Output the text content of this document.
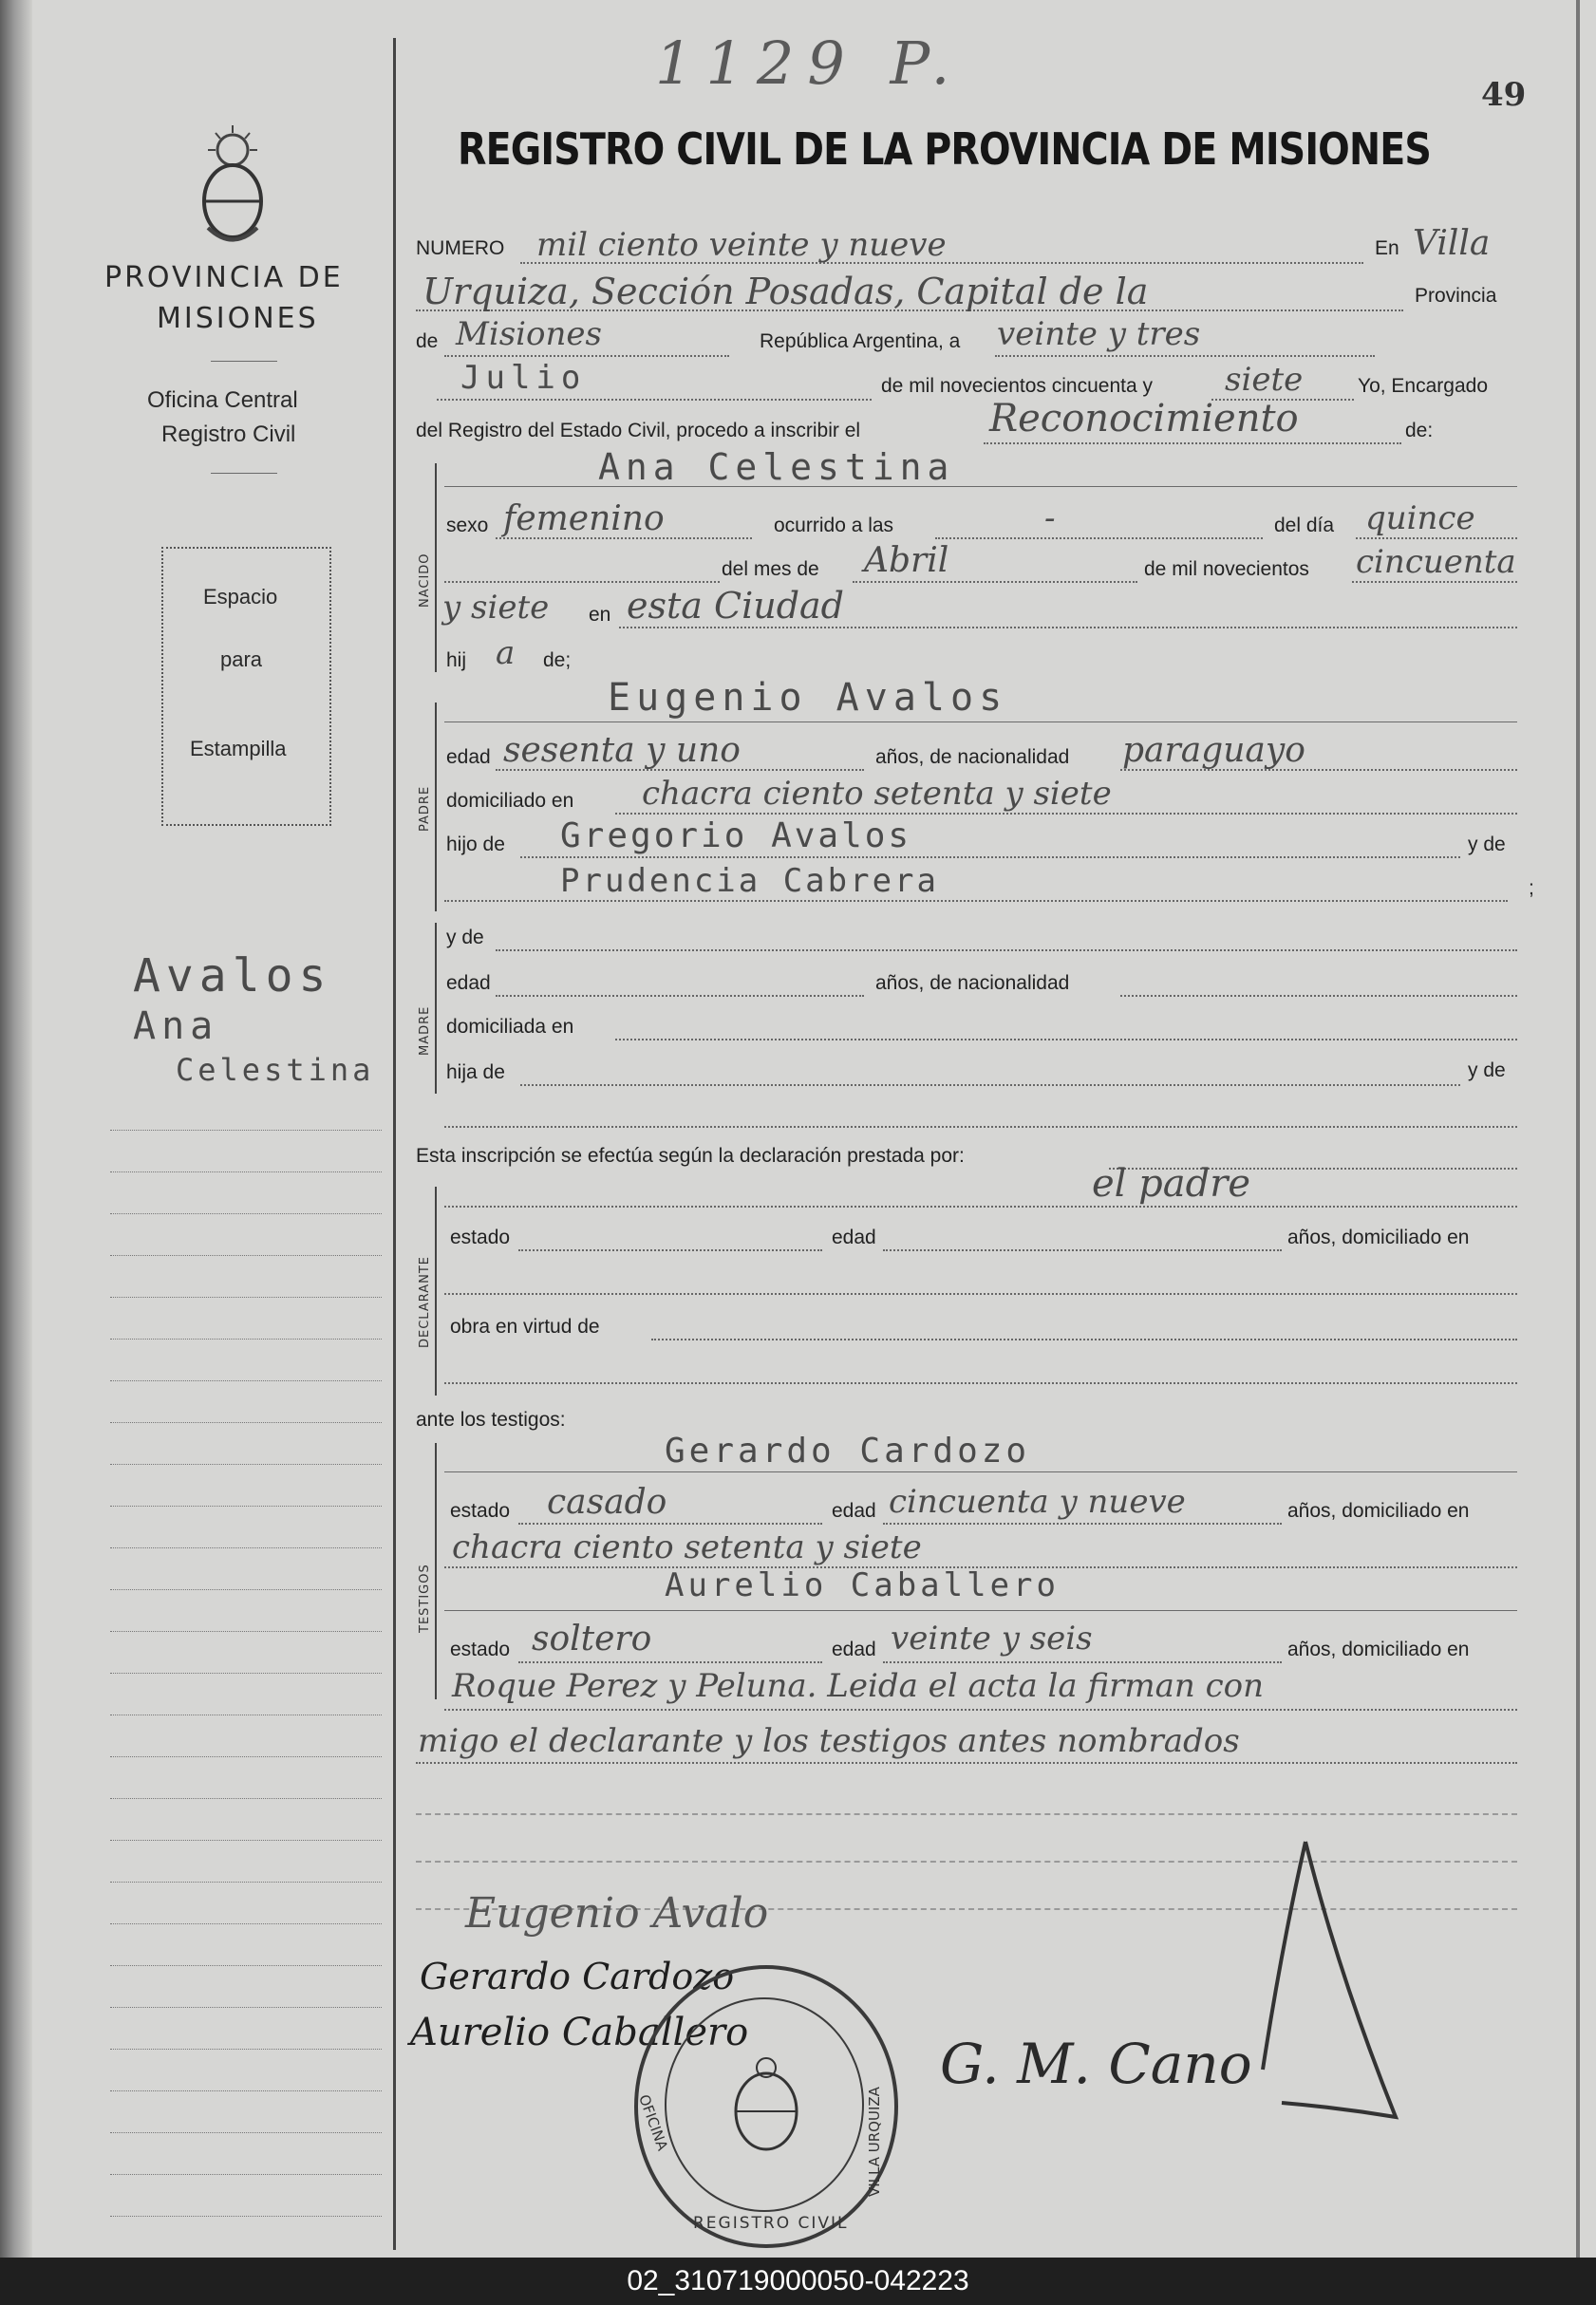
PROVINCIA DE
MISIONES
Oficina Central
Registro Civil
Espacio
para
Estampilla
Avalos
Ana
Celestina
1129 P.	49
REGISTRO CIVIL DE LA PROVINCIA DE MISIONES
NUMERO mil ciento veinte y nueve	En Villa
Urquiza, Sección Posadas, Capital de la	Provincia
de Misiones	República Argentina, a veinte y tres
Julio	de mil novecientos cincuenta y siete	Yo, Encargado
del Registro del Estado Civil, procedo a inscribir el	Reconocimiento	de:
NACIDO
Ana Celestina
sexo femenino	ocurrido a las	-	del día quince
del mes de Abril	de mil novecientos cincuenta
y siete en esta Ciudad
hij a de;
PADRE
Eugenio Avalos
edad sesenta y uno	años, de nacionalidad paraguayo
domiciliado en chacra ciento setenta y siete
hijo de Gregorio Avalos	y de
Prudencia Cabrera	;
MADRE
y de
edad	años, de nacionalidad
domiciliada en
hija de	y de
Esta inscripción se efectúa según la declaración prestada por:
el padre
DECLARANTE
estado	edad	años, domiciliado en
obra en virtud de
ante los testigos:
TESTIGOS
Gerardo Cardozo
estado casado	edad cincuenta y nueve	años, domiciliado en
chacra ciento setenta y siete
Aurelio Caballero
estado soltero	edad veinte y seis	años, domiciliado en
Roque Perez y Peluna. Leida el acta la firman con
migo el declarante y los testigos antes nombrados
Eugenio Avalo
Gerardo Cardozo
Aurelio Caballero	G. M. Cano
REGISTRO CIVIL
VILLA URQUIZA
OFICINA
02_310719000050-042223
